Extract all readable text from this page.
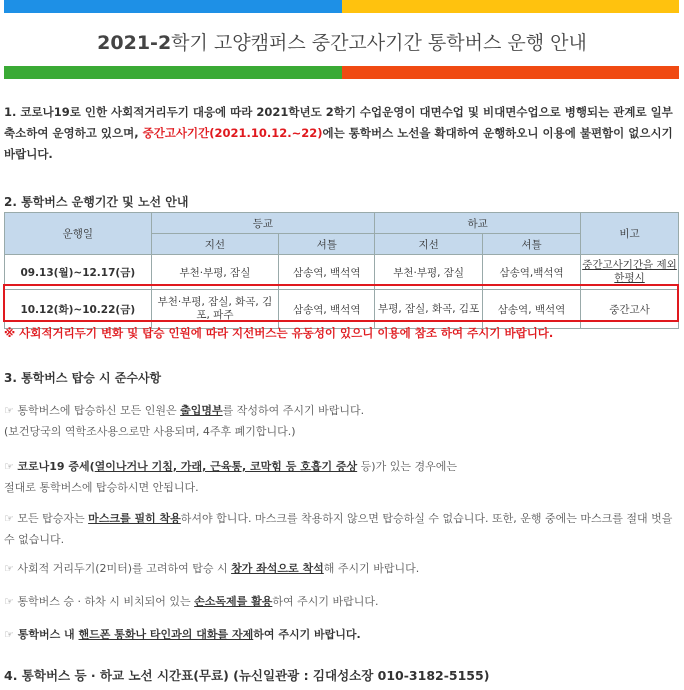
2021-2학기 고양캠퍼스 중간고사기간 통학버스 운행 안내
1. 코로나19로 인한 사회적거리두기 대응에 따라 2021학년도 2학기 수업운영이 대면수업 및 비대면수업으로 병행되는 관계로 일부 축소하여 운영하고 있으며, 중간고사기간(2021.10.12.~22)에는 통학버스 노선을 확대하여 운행하오니 이용에 불편함이 없으시기 바랍니다.
2. 통학버스 운행기간 및 노선 안내
운행일	등교		하교		비고
	지선	셔틀	지선	셔틀	
09.13(월)~12.17(금)	부천·부평, 잠실	삼송역, 백석역	부천·부평, 잠실	삼송역,백석역	중간고사기간을 제외한평시
10.12(화)~10.22(금)	부천·부평, 잠실, 화곡, 김포, 파주	삼송역, 백석역	부평, 잠실, 화곡, 김포	삼송역, 백석역	중간고사
※ 사회적거리두기 변화 및 탑승 인원에 따라 지선버스는 유동성이 있으니 이용에 참조 하여 주시기 바랍니다.
3. 통학버스 탑승 시 준수사항
☞ 통학버스에 탑승하신 모든 인원은 출입명부를 작성하여 주시기 바랍니다.
(보건당국의 역학조사용으로만 사용되며, 4주후 폐기합니다.)
☞ 코로나19 증세(열이나거나 기침, 가래, 근육통, 코막힘 등 호흡기 증상 등)가 있는 경우에는
절대로 통학버스에 탑승하시면 안됩니다.
☞ 모든 탑승자는 마스크를 필히 착용하셔야 합니다. 마스크를 착용하지 않으면 탑승하실 수 없습니다. 또한, 운행 중에는 마스크를 절대 벗을 수 없습니다.
☞ 사회적 거리두기(2미터)를 고려하여 탑승 시 창가 좌석으로 착석해 주시기 바랍니다.
☞ 통학버스 승 · 하차 시 비치되어 있는 손소독제를 활용하여 주시기 바랍니다.
☞ 통학버스 내 핸드폰 통화나 타인과의 대화를 자제하여 주시기 바랍니다.
4. 통학버스 등 · 하교 노선 시간표(무료) (뉴신일관광 : 김대성소장 010-3182-5155)
